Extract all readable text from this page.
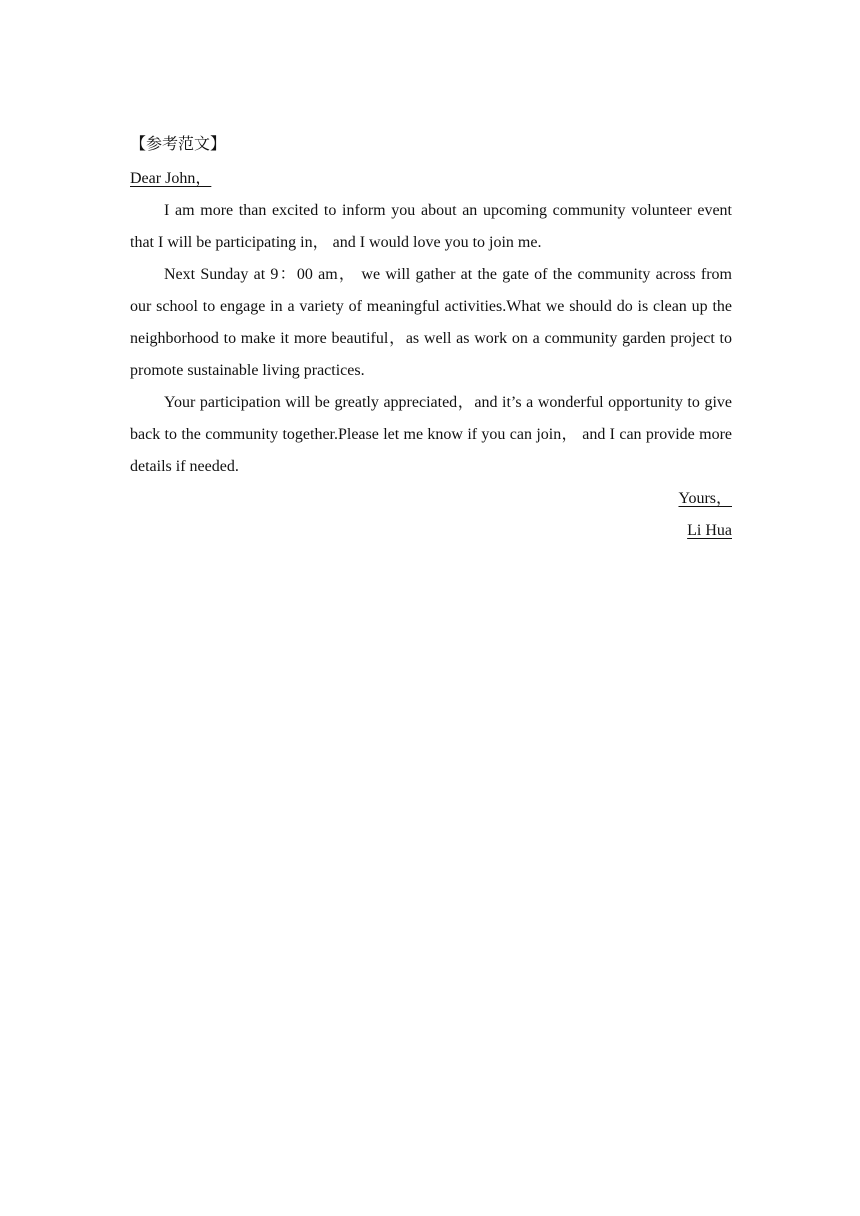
【参考范文】
Dear John，

I am more than excited to inform you about an upcoming community volunteer event that I will be participating in， and I would love you to join me.

Next Sunday at 9：00 am， we will gather at the gate of the community across from our school to engage in a variety of meaningful activities.What we should do is clean up the neighborhood to make it more beautiful，as well as work on a community garden project to promote sustainable living practices.

Your participation will be greatly appreciated，and it’s a wonderful opportunity to give back to the community together.Please let me know if you can join， and I can provide more details if needed.

Yours，
Li Hua
